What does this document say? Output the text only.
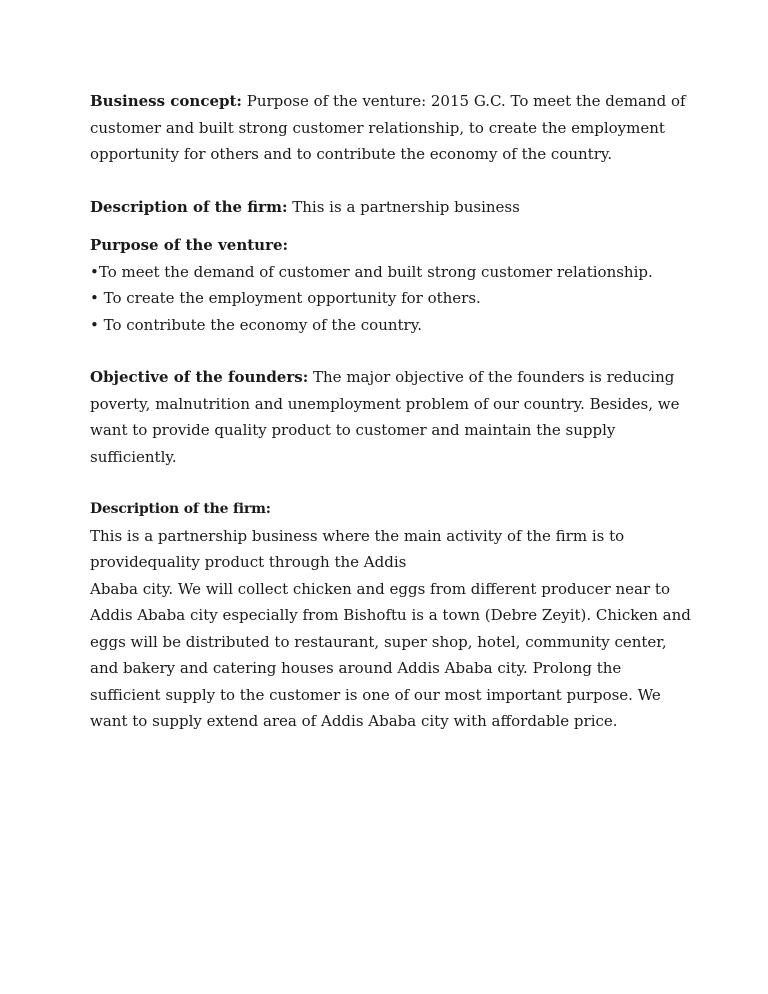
Business concept: Purpose of the venture: 2015 G.C. To meet the demand of
customer and built strong customer relationship, to create the employment
opportunity for others and to contribute the economy of the country.

Description of the firm: This is a partnership business

Purpose of the venture:
•To meet the demand of customer and built strong customer relationship.
• To create the employment opportunity for others.
• To contribute the economy of the country.

Objective of the founders: The major objective of the founders is reducing
poverty, malnutrition and unemployment problem of our country. Besides, we
want to provide quality product to customer and maintain the supply
sufficiently.

Description of the firm:
This is a partnership business where the main activity of the firm is to
providequality product through the Addis
Ababa city. We will collect chicken and eggs from different producer near to
Addis Ababa city especially from Bishoftu is a town (Debre Zeyit). Chicken and
eggs will be distributed to restaurant, super shop, hotel, community center,
and bakery and catering houses around Addis Ababa city. Prolong the
sufficient supply to the customer is one of our most important purpose. We
want to supply extend area of Addis Ababa city with affordable price.
